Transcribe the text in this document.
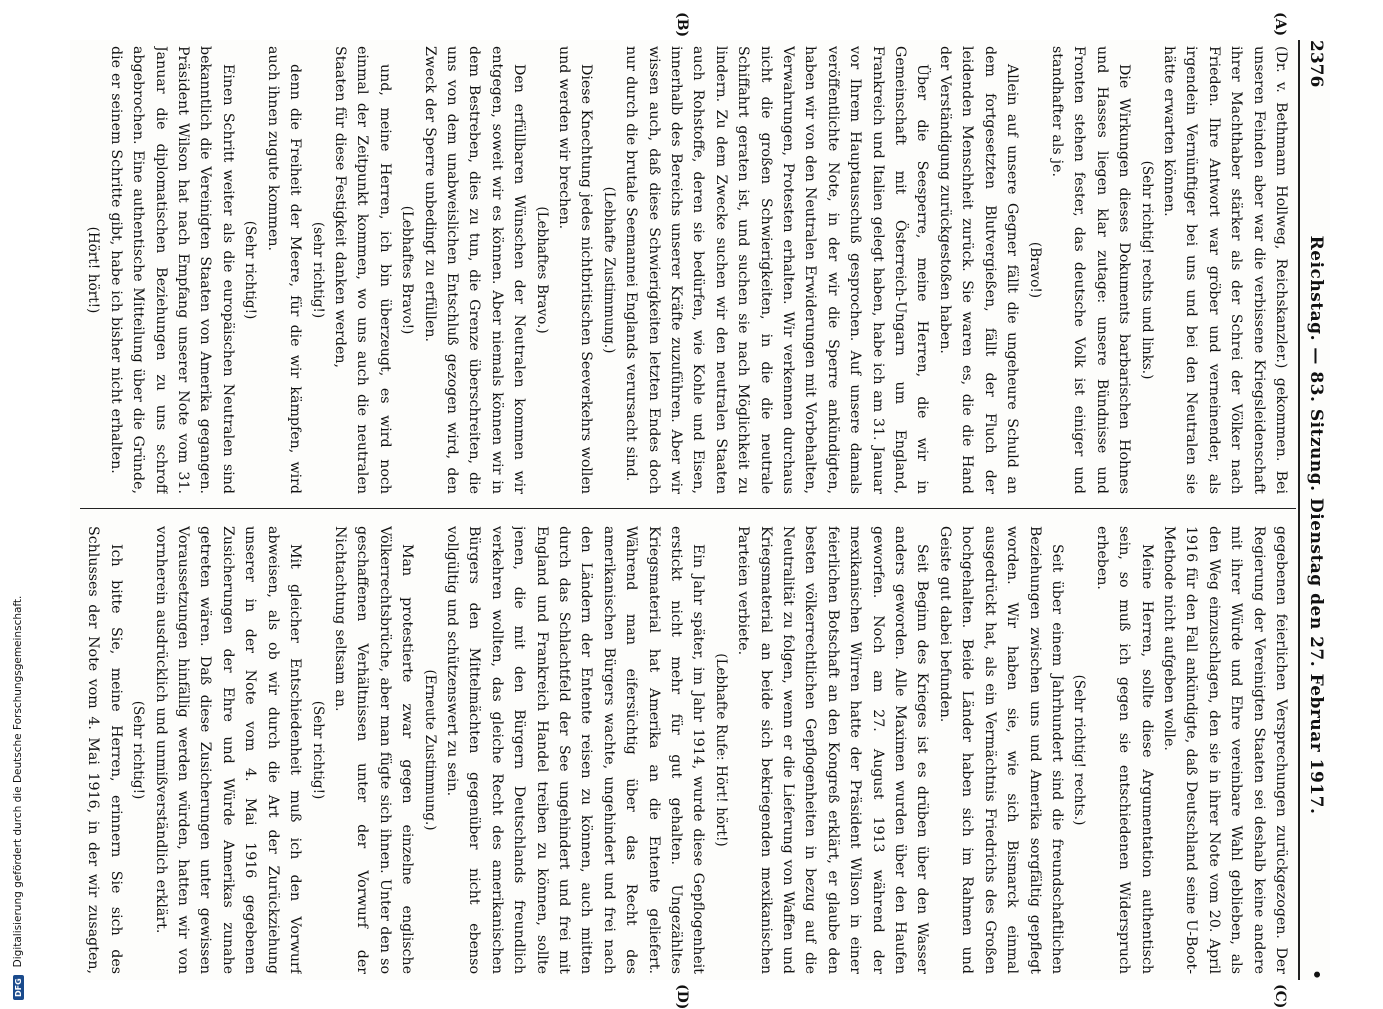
2376
Reichstag. — 83. Sitzung. Dienstag den 27. Februar 1917.
•
(A)
(B)
(C)
(D)

(Dr. v. Bethmann Hollweg, Reichskanzler.) gekommen. Bei unseren Feinden aber war die verbissene Kriegsleidenschaft ihrer Machthaber stärker als der Schrei der Völker nach Frieden. Ihre Antwort war gröber und verneinender, als irgendein Vernünftiger bei uns und bei den Neutralen sie hätte erwarten können.

(Sehr richtig! rechts und links.)

Die Wirkungen dieses Dokuments barbarischen Hohnes und Hasses liegen klar zutage: unsere Bündnisse und Fronten stehen fester, das deutsche Volk ist einiger und standhafter als je.

(Bravo!)

Allein auf unsere Gegner fällt die ungeheure Schuld an dem fortgesetzten Blutvergießen, fällt der Fluch der leidenden Menschheit zurück. Sie waren es, die die Hand der Verständigung zurückgestoßen haben.

Über die Seesperre, meine Herren, die wir in Gemeinschaft mit Österreich-Ungarn um England, Frankreich und Italien gelegt haben, habe ich am 31. Januar vor Ihrem Hauptausschuß gesprochen. Auf unsere damals veröffentlichte Note, in der wir die Sperre ankündigten, haben wir von den Neutralen Erwiderungen mit Vorbehalten, Verwahrungen, Protesten erhalten. Wir verkennen durchaus nicht die großen Schwierigkeiten, in die die neutrale Schiffahrt geraten ist, und suchen sie nach Möglichkeit zu lindern. Zu dem Zwecke suchen wir den neutralen Staaten auch Rohstoffe, deren sie bedürfen, wie Kohle und Eisen, innerhalb des Bereichs unserer Kräfte zuzuführen. Aber wir wissen auch, daß diese Schwierigkeiten letzten Endes doch nur durch die brutale Seemannei Englands verursacht sind.

(Lebhafte Zustimmung.)

Diese Knechtung jedes nichtbritischen Seeverkehrs wollen und werden wir brechen.

(Lebhaftes Bravo.)

Den erfüllbaren Wünschen der Neutralen kommen wir entgegen, soweit wir es können. Aber niemals können wir in dem Bestreben, dies zu tun, die Grenze überschreiten, die uns von dem unabweislichen Entschluß gezogen wird, den Zweck der Sperre unbedingt zu erfüllen.

(Lebhaftes Bravo!)

und, meine Herren, ich bin überzeugt, es wird noch einmal der Zeitpunkt kommen, wo uns auch die neutralen Staaten für diese Festigkeit danken werden,

(sehr richtig!)

denn die Freiheit der Meere, für die wir kämpfen, wird auch ihnen zugute kommen.

(Sehr richtig!)

Einen Schritt weiter als die europäischen Neutralen sind bekanntlich die Vereinigten Staaten von Amerika gegangen. Präsident Wilson hat nach Empfang unserer Note vom 31. Januar die diplomatischen Beziehungen zu uns schroff abgebrochen. Eine authentische Mitteilung über die Gründe, die er seinem Schritte gibt, habe ich bisher nicht erhalten.

(Hört! hört!)

gegebenen feierlichen Versprechungen zurückgezogen. Der Regierung der Vereinigten Staaten sei deshalb keine andere mit ihrer Würde und Ehre vereinbare Wahl geblieben, als den Weg einzuschlagen, den sie in ihrer Note vom 20. April 1916 für den Fall ankündigte, daß Deutschland seine U-Boot-Methode nicht aufgeben wolle.

Meine Herren, sollte diese Argumentation authentisch sein, so muß ich gegen sie entschiedenen Widerspruch erheben.

(Sehr richtig! rechts.)

Seit über einem Jahrhundert sind die freundschaftlichen Beziehungen zwischen uns und Amerika sorgfältig gepflegt worden. Wir haben sie, wie sich Bismarck einmal ausgedrückt hat, als ein Vermächtnis Friedrichs des Großen hochgehalten. Beide Länder haben sich im Rahmen und Geiste gut dabei befunden.

Seit Beginn des Krieges ist es drüben über den Wasser anders geworden. Alle Maximen wurden über den Haufen geworfen. Noch am 27. August 1913 während der mexikanischen Wirren hatte der Präsident Wilson in einer feierlichen Botschaft an den Kongreß erklärt, er glaube den besten völkerrechtlichen Gepflogenheiten in bezug auf die Neutralität zu folgen, wenn er die Lieferung von Waffen und Kriegsmaterial an beide sich bekriegenden mexikanischen Parteien verbiete.

(Lebhafte Rufe: Hört! hört!)

Ein Jahr später, im Jahr 1914, wurde diese Gepflogenheit erstickt nicht mehr für gut gehalten. Ungezähltes Kriegsmaterial hat Amerika an die Entente geliefert. Während man eifersüchtig über das Recht des amerikanischen Bürgers wachte, ungehindert und frei nach den Ländern der Entente reisen zu können, auch mitten durch das Schlachtfeld der See ungehindert und frei mit England und Frankreich Handel treiben zu können, sollte jenen, die mit den Bürgern Deutschlands freundlich verkehren wollten, das gleiche Recht des amerikanischen Bürgers den Mittelmächten gegenüber nicht ebenso vollgültig und schützenswert zu sein.

(Erneute Zustimmung.)

Man protestierte zwar gegen einzelne englische Völkerrechtsbrüche, aber man fügte sich ihnen. Unter den so geschaffenen Verhältnissen unter der Vorwurf der Nichtachtung seltsam an.

(Sehr richtig!)

Mit gleicher Entschiedenheit muß ich den Vorwurf abweisen, als ob wir durch die Art der Zurückziehung unserer in der Note vom 4. Mai 1916 gegebenen Zusicherungen der Ehre und Würde Amerikas zunahe getreten wären. Daß diese Zusicherungen unter gewissen Voraussetzungen hinfällig werden würden, hatten wir von vornherein ausdrücklich und unmißverständlich erklärt.

(Sehr richtig!)

Ich bitte Sie, meine Herren, erinnern Sie sich des Schlusses der Note vom 4. Mai 1916, in der wir zusagten,

DFG
Digitalisierung gefördert durch die Deutsche Forschungsgemeinschaft.
